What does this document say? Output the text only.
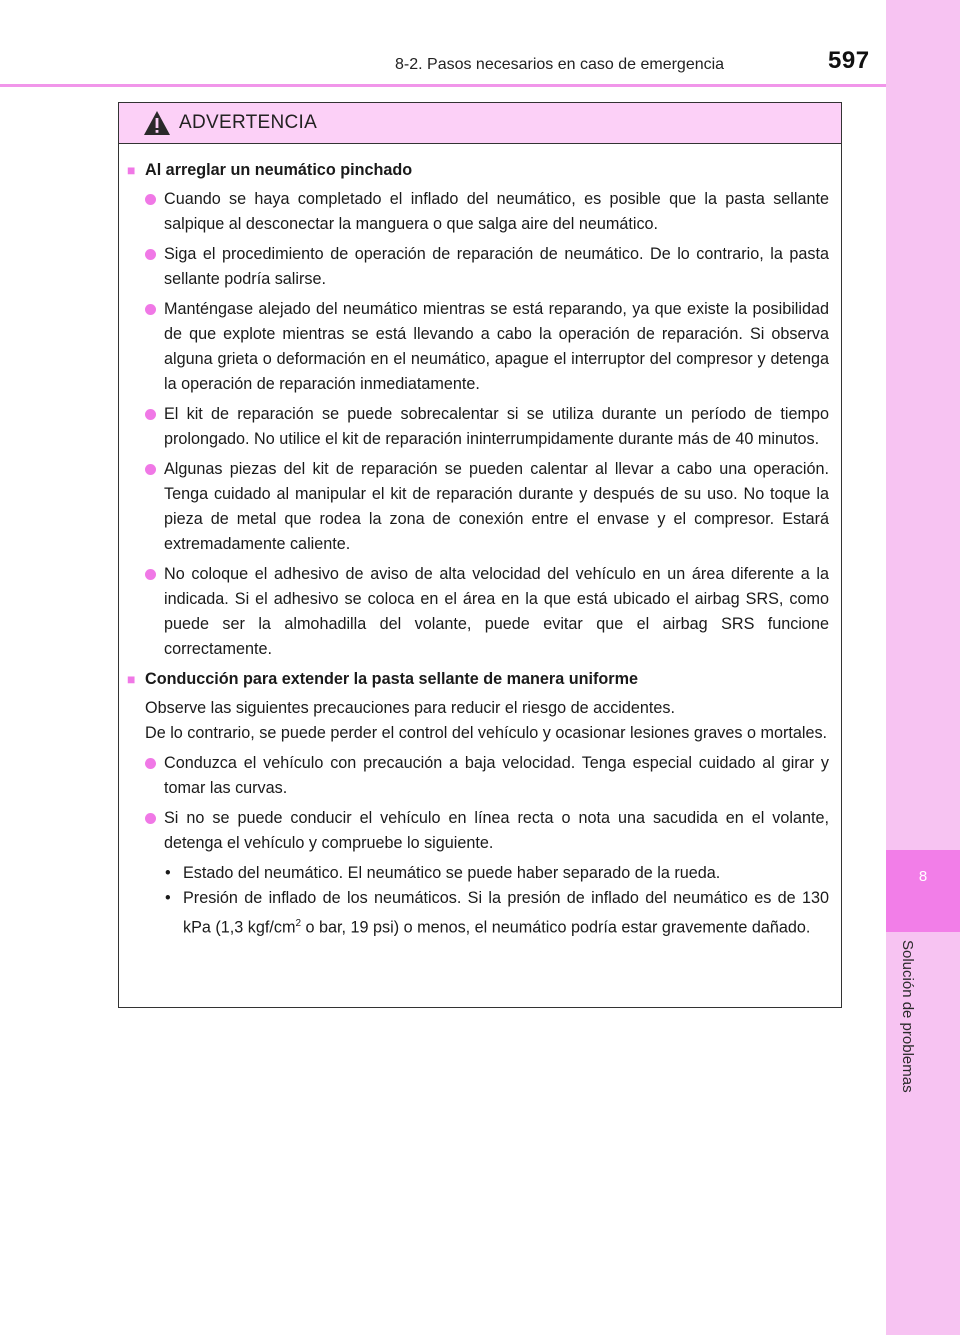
8
Solución de problemas
8-2. Pasos necesarios en caso de emergencia	597
ADVERTENCIA
■ Al arreglar un neumático pinchado
Cuando se haya completado el inflado del neumático, es posible que la pasta sellante salpique al desconectar la manguera o que salga aire del neumático.
Siga el procedimiento de operación de reparación de neumático. De lo contrario, la pasta sellante podría salirse.
Manténgase alejado del neumático mientras se está reparando, ya que existe la posibilidad de que explote mientras se está llevando a cabo la operación de reparación. Si observa alguna grieta o deformación en el neumático, apague el interruptor del compresor y detenga la operación de reparación inmediatamente.
El kit de reparación se puede sobrecalentar si se utiliza durante un período de tiempo prolongado. No utilice el kit de reparación ininterrumpidamente durante más de 40 minutos.
Algunas piezas del kit de reparación se pueden calentar al llevar a cabo una operación. Tenga cuidado al manipular el kit de reparación durante y después de su uso. No toque la pieza de metal que rodea la zona de conexión entre el envase y el compresor. Estará extremadamente caliente.
No coloque el adhesivo de aviso de alta velocidad del vehículo en un área diferente a la indicada. Si el adhesivo se coloca en el área en la que está ubicado el airbag SRS, como puede ser la almohadilla del volante, puede evitar que el airbag SRS funcione correctamente.
■ Conducción para extender la pasta sellante de manera uniforme
Observe las siguientes precauciones para reducir el riesgo de accidentes.
De lo contrario, se puede perder el control del vehículo y ocasionar lesiones graves o mortales.
Conduzca el vehículo con precaución a baja velocidad. Tenga especial cuidado al girar y tomar las curvas.
Si no se puede conducir el vehículo en línea recta o nota una sacudida en el volante, detenga el vehículo y compruebe lo siguiente.
• Estado del neumático. El neumático se puede haber separado de la rueda.
• Presión de inflado de los neumáticos. Si la presión de inflado del neumático es de 130 kPa (1,3 kgf/$cm^2$ o bar, 19 psi) o menos, el neumático podría estar gravemente dañado.
